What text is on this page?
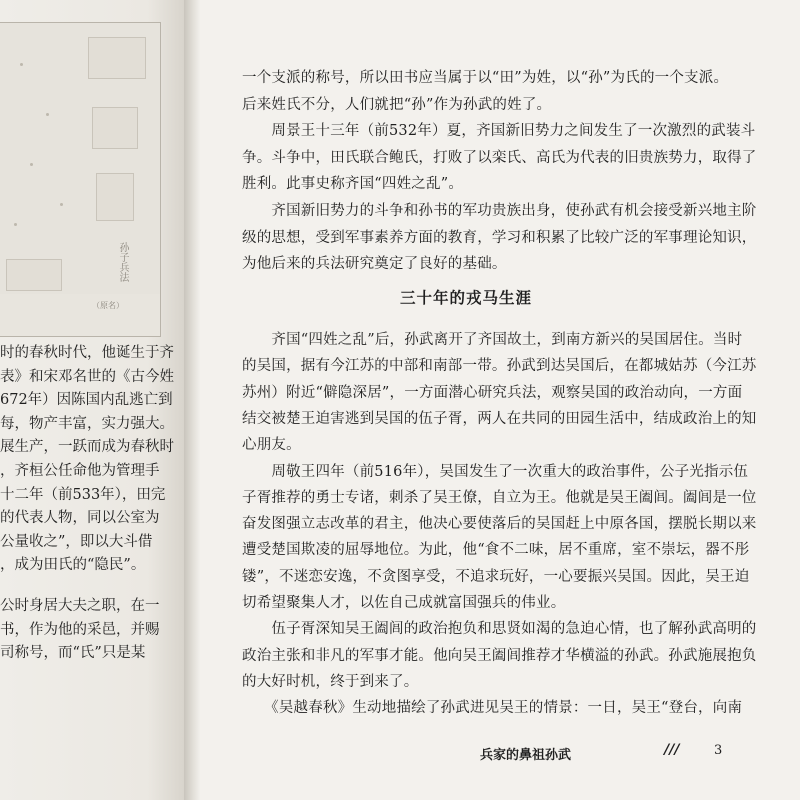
（原名）
孙子兵法
时的春秋时代，他诞生于齐
表》和宋邓名世的《古今姓
672年）因陈国内乱逃亡到
每，物产丰富，实力强大。
展生产，一跃而成为春秋时
，齐桓公任命他为管理手
十二年（前533年），田完
的代表人物，同以公室为
公量收之”，即以大斗借
，成为田氏的“隐民”。
公时身居大夫之职，在一
书，作为他的采邑，并赐
司称号，而“氏”只是某
一个支派的称号，所以田书应当属于以“田”为姓，以“孙”为氏的一个支派。
后来姓氏不分，人们就把“孙”作为孙武的姓了。
　　周景王十三年（前532年）夏，齐国新旧势力之间发生了一次激烈的武装斗
争。斗争中，田氏联合鲍氏，打败了以栾氏、高氏为代表的旧贵族势力，取得了
胜利。此事史称齐国“四姓之乱”。
　　齐国新旧势力的斗争和孙书的军功贵族出身，使孙武有机会接受新兴地主阶
级的思想，受到军事素养方面的教育，学习和积累了比较广泛的军事理论知识，
为他后来的兵法研究奠定了良好的基础。
三十年的戎马生涯
　　齐国“四姓之乱”后，孙武离开了齐国故土，到南方新兴的吴国居住。当时
的吴国，据有今江苏的中部和南部一带。孙武到达吴国后，在都城姑苏（今江苏
苏州）附近“僻隐深居”，一方面潜心研究兵法，观察吴国的政治动向，一方面
结交被楚王迫害逃到吴国的伍子胥，两人在共同的田园生活中，结成政治上的知
心朋友。
　　周敬王四年（前516年），吴国发生了一次重大的政治事件，公子光指示伍
子胥推荐的勇士专诸，刺杀了吴王僚，自立为王。他就是吴王阖闾。阖闾是一位
奋发图强立志改革的君主，他决心要使落后的吴国赶上中原各国，摆脱长期以来
遭受楚国欺凌的屈辱地位。为此，他“食不二味，居不重席，室不崇坛，器不彤
镂”，不迷恋安逸，不贪图享受，不追求玩好，一心要振兴吴国。因此，吴王迫
切希望聚集人才，以佐自己成就富国强兵的伟业。
　　伍子胥深知吴王阖闾的政治抱负和思贤如渴的急迫心情，也了解孙武高明的
政治主张和非凡的军事才能。他向吴王阖闾推荐才华横溢的孙武。孙武施展抱负
的大好时机，终于到来了。
　　《吴越春秋》生动地描绘了孙武进见吴王的情景：一日，吴王“登台，向南
兵家的鼻祖孙武	///	3
